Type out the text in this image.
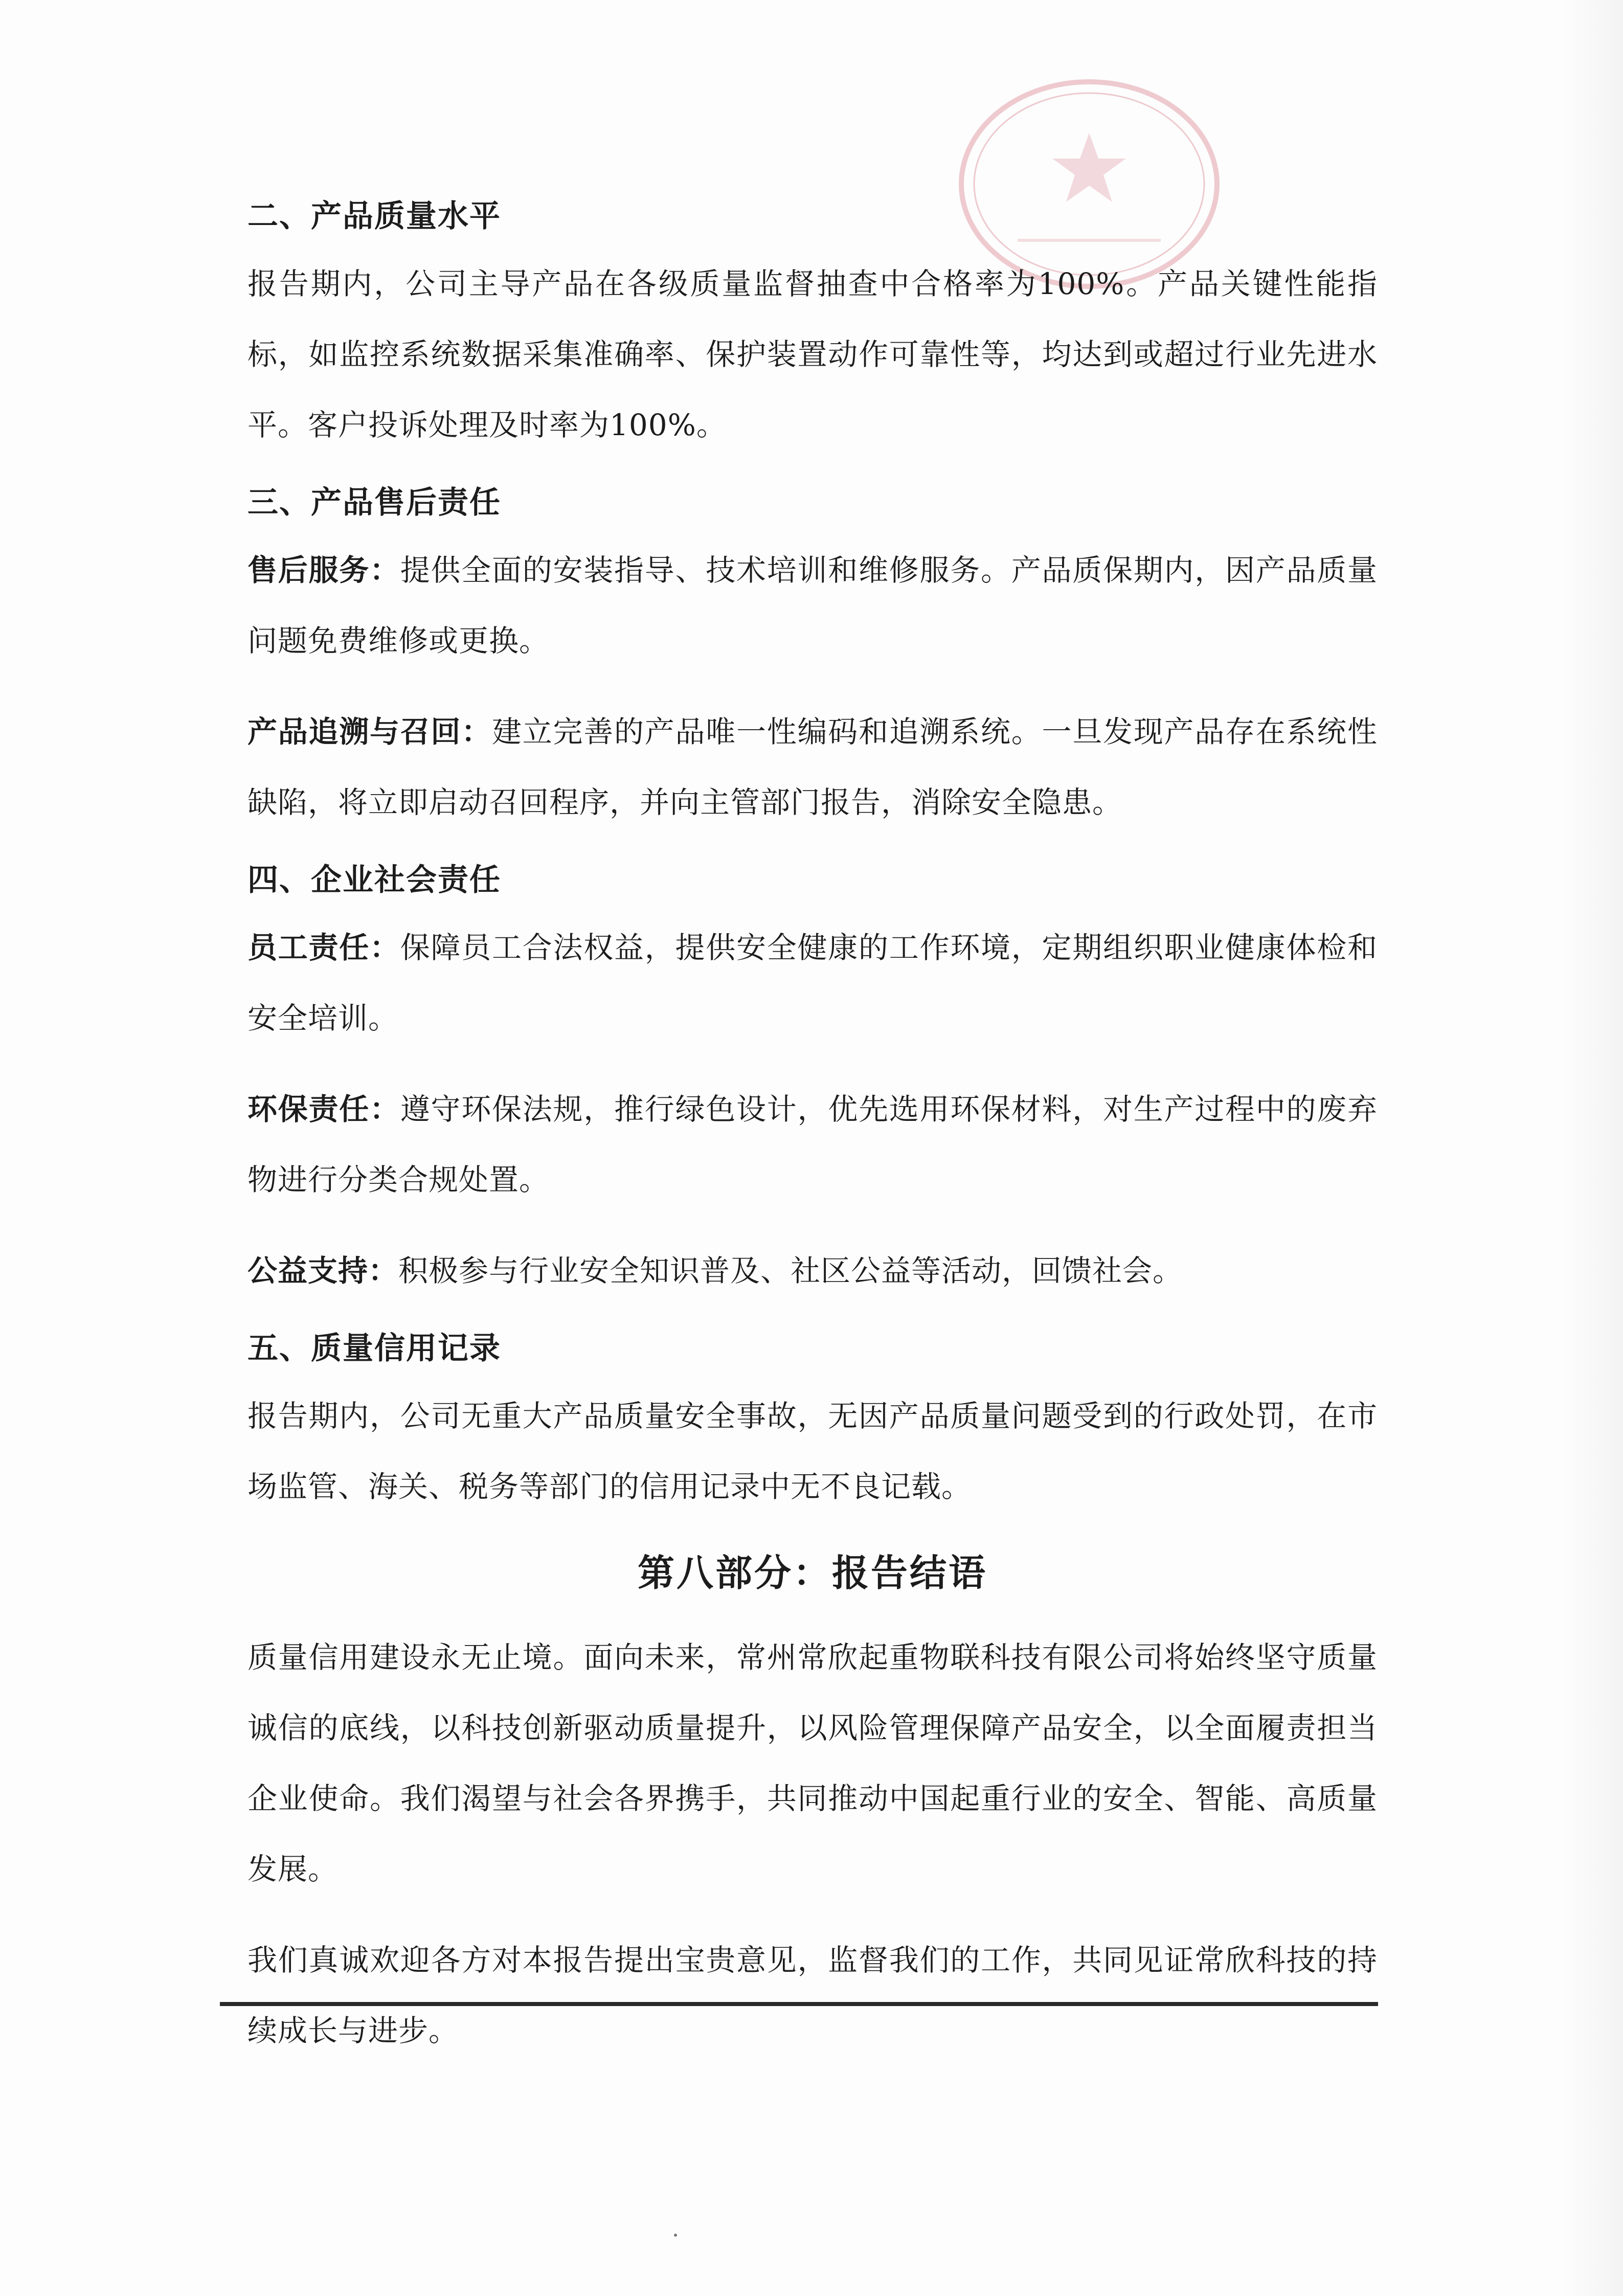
二、产品质量水平

报告期内，公司主导产品在各级质量监督抽查中合格率为100%。产品关键性能指标，如监控系统数据采集准确率、保护装置动作可靠性等，均达到或超过行业先进水平。客户投诉处理及时率为100%。

三、产品售后责任

售后服务：提供全面的安装指导、技术培训和维修服务。产品质保期内，因产品质量问题免费维修或更换。

产品追溯与召回：建立完善的产品唯一性编码和追溯系统。一旦发现产品存在系统性缺陷，将立即启动召回程序，并向主管部门报告，消除安全隐患。

四、企业社会责任

员工责任：保障员工合法权益，提供安全健康的工作环境，定期组织职业健康体检和安全培训。

环保责任：遵守环保法规，推行绿色设计，优先选用环保材料，对生产过程中的废弃物进行分类合规处置。

公益支持：积极参与行业安全知识普及、社区公益等活动，回馈社会。

五、质量信用记录

报告期内，公司无重大产品质量安全事故，无因产品质量问题受到的行政处罚，在市场监管、海关、税务等部门的信用记录中无不良记载。

第八部分：报告结语

质量信用建设永无止境。面向未来，常州常欣起重物联科技有限公司将始终坚守质量诚信的底线，以科技创新驱动质量提升，以风险管理保障产品安全，以全面履责担当企业使命。我们渴望与社会各界携手，共同推动中国起重行业的安全、智能、高质量发展。

我们真诚欢迎各方对本报告提出宝贵意见，监督我们的工作，共同见证常欣科技的持续成长与进步。
